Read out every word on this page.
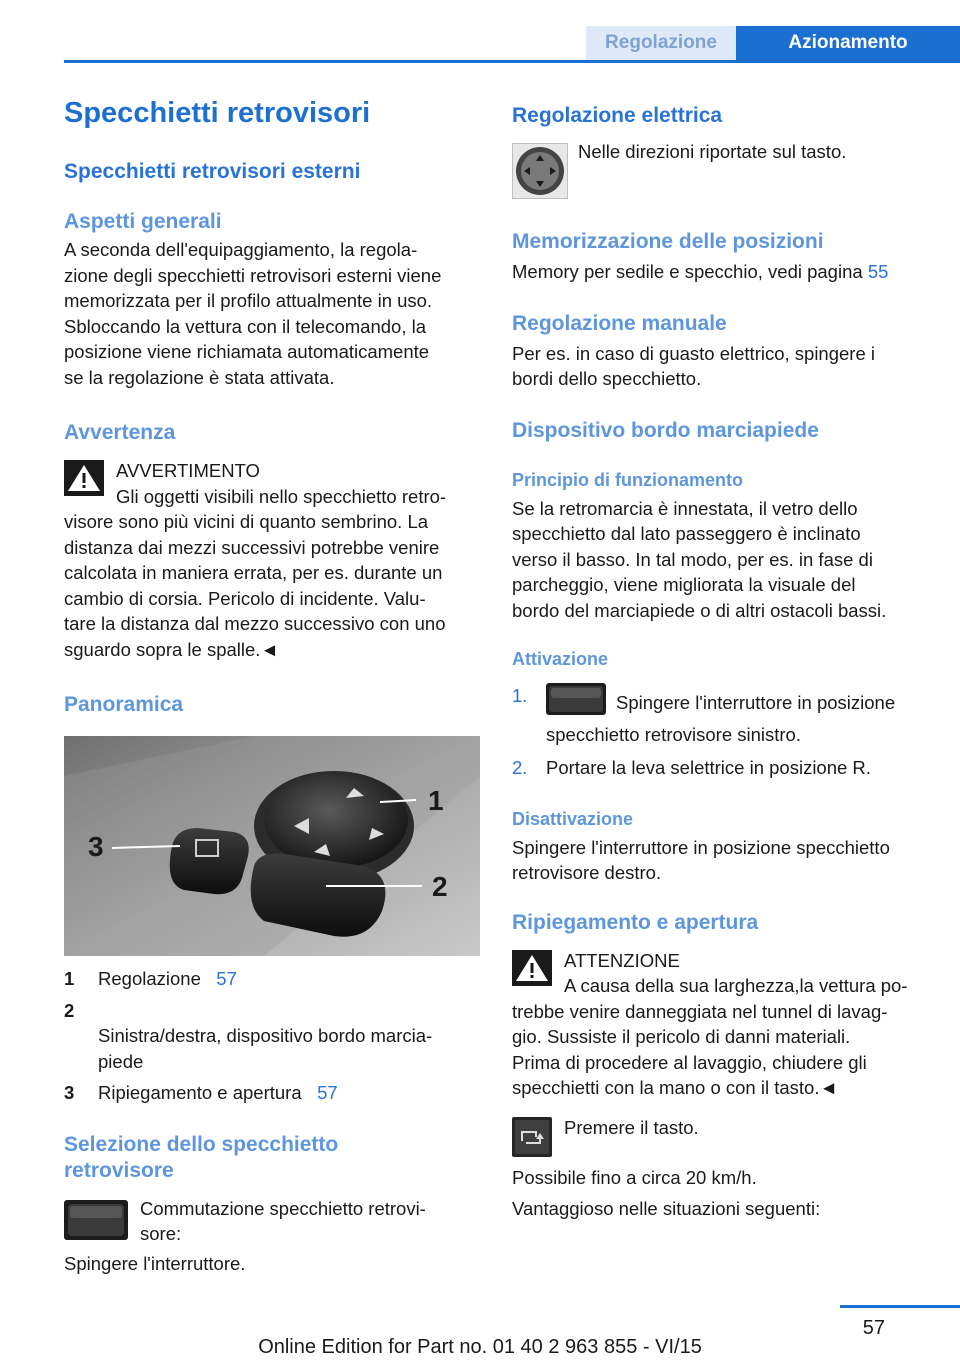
Regolazione	Azionamento
Specchietti retrovisori
Specchietti retrovisori esterni
Aspetti generali

A seconda dell'equipaggiamento, la regola-
zione degli specchietti retrovisori esterni viene
memorizzata per il profilo attualmente in uso.
Sbloccando la vettura con il telecomando, la
posizione viene richiamata automaticamente
se la regolazione è stata attivata.

Avvertenza
AVVERTIMENTO
Gli oggetti visibili nello specchietto retro-
visore sono più vicini di quanto sembrino. La
distanza dai mezzi successivi potrebbe venire
calcolata in maniera errata, per es. durante un
cambio di corsia. Pericolo di incidente. Valu-
tare la distanza dal mezzo successivo con uno
sguardo sopra le spalle.◄
Panoramica
3
1
2
1 Regolazione 57

2
Sinistra/destra, dispositivo bordo marcia-
piede

3 Ripiegamento e apertura 57
Selezione dello specchietto
retrovisore
Commutazione specchietto retrovi-
sore:

Spingere l'interruttore.

Regolazione elettrica
Nelle direzioni riportate sul tasto.
Memorizzazione delle posizioni

Memory per sedile e specchio, vedi pagina 55

Regolazione manuale

Per es. in caso di guasto elettrico, spingere i
bordi dello specchietto.

Dispositivo bordo marciapiede
Principio di funzionamento

Se la retromarcia è innestata, il vetro dello
specchietto dal lato passeggero è inclinato
verso il basso. In tal modo, per es. in fase di
parcheggio, viene migliorata la visuale del
bordo del marciapiede o di altri ostacoli bassi.

Attivazione
1.	Spingere l'interruttore in posizione
specchietto retrovisore sinistro.
2. Portare la leva selettrice in posizione R.
Disattivazione

Spingere l'interruttore in posizione specchietto
retrovisore destro.

Ripiegamento e apertura
ATTENZIONE
A causa della sua larghezza,la vettura po-
trebbe venire danneggiata nel tunnel di lavag-
gio. Sussiste il pericolo di danni materiali.
Prima di procedere al lavaggio, chiudere gli
specchietti con la mano o con il tasto.◄
Premere il tasto.

Possibile fino a circa 20 km/h.

Vantaggioso nelle situazioni seguenti:

57
Online Edition for Part no. 01 40 2 963 855 - VI/15
